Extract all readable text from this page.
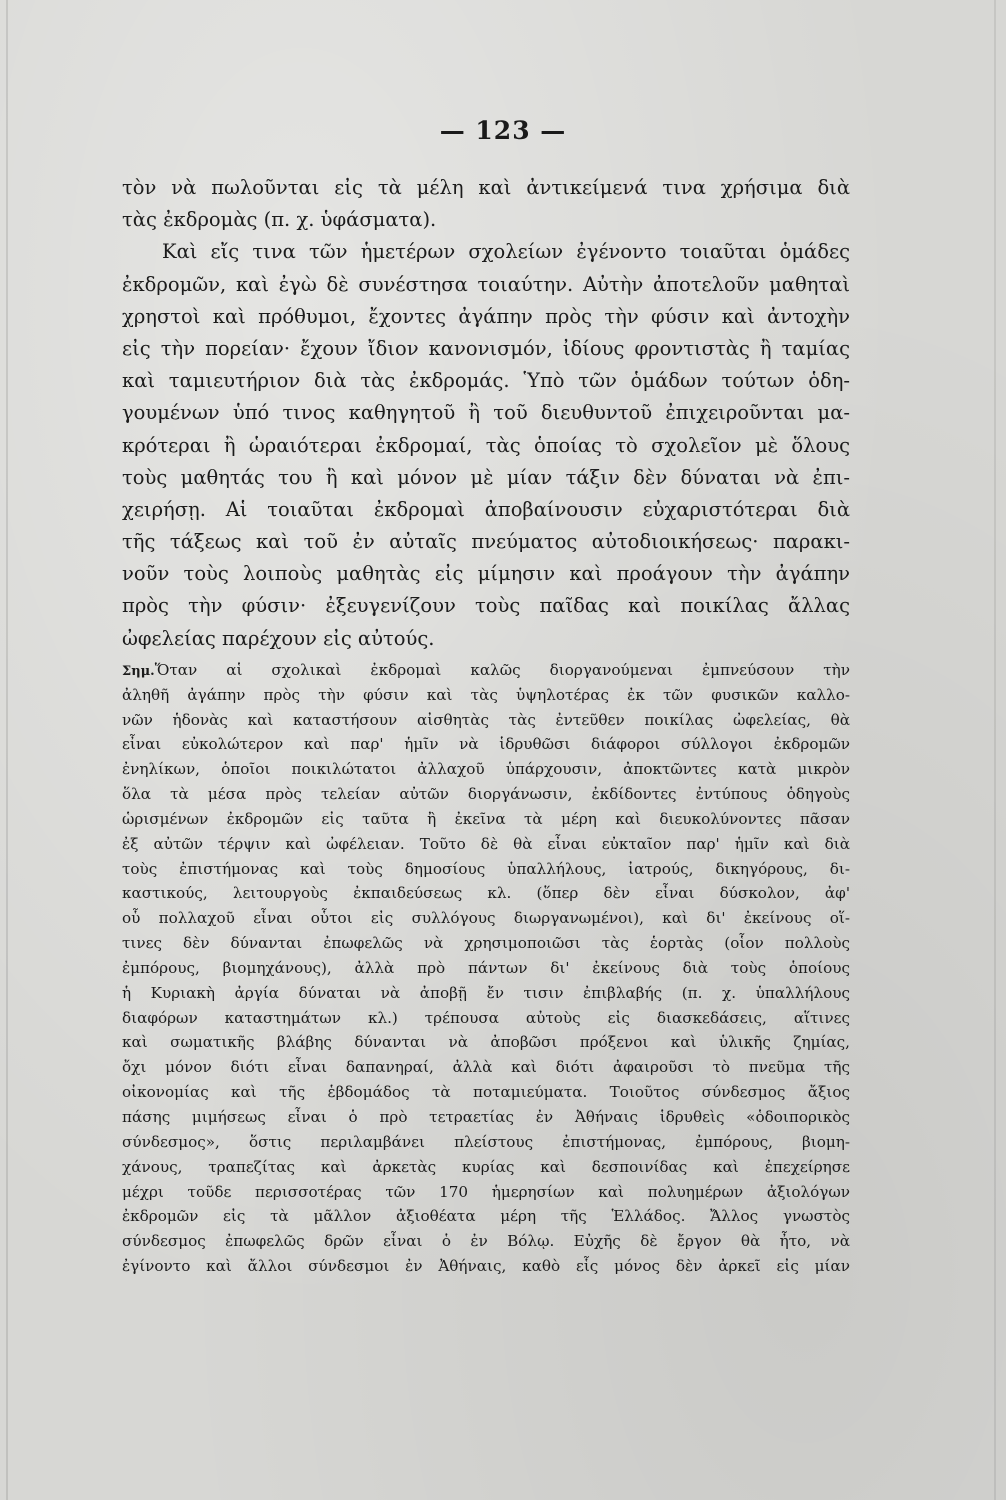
— 123 —
τὸν νὰ πωλοῦνται εἰς τὰ μέλη καὶ ἀντικείμενά τινα χρήσιμα διὰ
τὰς ἐκδρομὰς (π. χ. ὑφάσματα).
Καὶ εἴς τινα τῶν ἡμετέρων σχολείων ἐγένοντο τοιαῦται ὁμάδες
ἐκδρομῶν, καὶ ἐγὼ δὲ συνέστησα τοιαύτην. Αὐτὴν ἀποτελοῦν μαθηταὶ
χρηστοὶ καὶ πρόθυμοι, ἔχοντες ἀγάπην πρὸς τὴν φύσιν καὶ ἀντοχὴν
εἰς τὴν πορείαν· ἔχουν ἴδιον κανονισμόν, ἰδίους φροντιστὰς ἢ ταμίας
καὶ ταμιευτήριον διὰ τὰς ἐκδρομάς. Ὑπὸ τῶν ὁμάδων τούτων ὁδη-
γουμένων ὑπό τινος καθηγητοῦ ἢ τοῦ διευθυντοῦ ἐπιχειροῦνται μα-
κρότεραι ἢ ὡραιότεραι ἐκδρομαί, τὰς ὁποίας τὸ σχολεῖον μὲ ὅλους
τοὺς μαθητάς του ἢ καὶ μόνον μὲ μίαν τάξιν δὲν δύναται νὰ ἐπι-
χειρήσῃ. Αἱ τοιαῦται ἐκδρομαὶ ἀποβαίνουσιν εὐχαριστότεραι διὰ
τῆς τάξεως καὶ τοῦ ἐν αὐταῖς πνεύματος αὐτοδιοικήσεως· παρακι-
νοῦν τοὺς λοιποὺς μαθητὰς εἰς μίμησιν καὶ προάγουν τὴν ἀγάπην
πρὸς τὴν φύσιν· ἐξευγενίζουν τοὺς παῖδας καὶ ποικίλας ἄλλας
ὠφελείας παρέχουν εἰς αὐτούς.
Σημ.Ὅταν αἱ σχολικαὶ ἐκδρομαὶ καλῶς διοργανούμεναι ἐμπνεύσουν τὴν
ἀληθῆ ἀγάπην πρὸς τὴν φύσιν καὶ τὰς ὑψηλοτέρας ἐκ τῶν φυσικῶν καλλο-
νῶν ἡδονὰς καὶ καταστήσουν αἰσθητὰς τὰς ἐντεῦθεν ποικίλας ὠφελείας, θὰ
εἶναι εὐκολώτερον καὶ παρ' ἡμῖν νὰ ἱδρυθῶσι διάφοροι σύλλογοι ἐκδρομῶν
ἐνηλίκων, ὁποῖοι ποικιλώτατοι ἀλλαχοῦ ὑπάρχουσιν, ἀποκτῶντες κατὰ μικρὸν
ὅλα τὰ μέσα πρὸς τελείαν αὐτῶν διοργάνωσιν, ἐκδίδοντες ἐντύπους ὁδηγοὺς
ὡρισμένων ἐκδρομῶν εἰς ταῦτα ἢ ἐκεῖνα τὰ μέρη καὶ διευκολύνοντες πᾶσαν
ἐξ αὐτῶν τέρψιν καὶ ὠφέλειαν. Τοῦτο δὲ θὰ εἶναι εὐκταῖον παρ' ἡμῖν καὶ διὰ
τοὺς ἐπιστήμονας καὶ τοὺς δημοσίους ὑπαλλήλους, ἰατρούς, δικηγόρους, δι-
καστικούς, λειτουργοὺς ἐκπαιδεύσεως κλ. (ὅπερ δὲν εἶναι δύσκολον, ἀφ'
οὗ πολλαχοῦ εἶναι οὗτοι εἰς συλλόγους διωργανωμένοι), καὶ δι' ἐκείνους οἵ-
τινες δὲν δύνανται ἐπωφελῶς νὰ χρησιμοποιῶσι τὰς ἑορτὰς (οἷον πολλοὺς
ἐμπόρους, βιομηχάνους), ἀλλὰ πρὸ πάντων δι' ἐκείνους διὰ τοὺς ὁποίους
ἡ Κυριακὴ ἀργία δύναται νὰ ἀποβῇ ἔν τισιν ἐπιβλαβής (π. χ. ὑπαλλήλους
διαφόρων καταστημάτων κλ.) τρέπουσα αὐτοὺς εἰς διασκεδάσεις, αἵτινες
καὶ σωματικῆς βλάβης δύνανται νὰ ἀποβῶσι πρόξενοι καὶ ὑλικῆς ζημίας,
ὄχι μόνον διότι εἶναι δαπανηραί, ἀλλὰ καὶ διότι ἀφαιροῦσι τὸ πνεῦμα τῆς
οἰκονομίας καὶ τῆς ἑβδομάδος τὰ ποταμιεύματα. Τοιοῦτος σύνδεσμος ἄξιος
πάσης μιμήσεως εἶναι ὁ πρὸ τετραετίας ἐν Ἀθήναις ἱδρυθεὶς «ὁδοιπορικὸς
σύνδεσμος», ὅστις περιλαμβάνει πλείστους ἐπιστήμονας, ἐμπόρους, βιομη-
χάνους, τραπεζίτας καὶ ἀρκετὰς κυρίας καὶ δεσποινίδας καὶ ἐπεχείρησε
μέχρι τοῦδε περισσοτέρας τῶν 170 ἡμερησίων καὶ πολυημέρων ἀξιολόγων
ἐκδρομῶν εἰς τὰ μᾶλλον ἀξιοθέατα μέρη τῆς Ἑλλάδος. Ἄλλος γνωστὸς
σύνδεσμος ἐπωφελῶς δρῶν εἶναι ὁ ἐν Βόλῳ. Εὐχῆς δὲ ἔργον θὰ ἦτο, νὰ
ἐγίνοντο καὶ ἄλλοι σύνδεσμοι ἐν Ἀθήναις, καθὸ εἷς μόνος δὲν ἀρκεῖ εἰς μίαν
